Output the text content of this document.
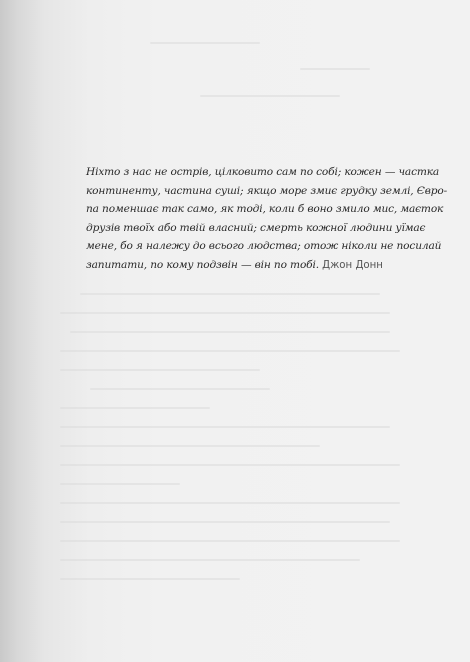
Ніхто з нас не острів, цілковито сам по собі; кожен — частка
континенту, частина суші; якщо море змиє грудку землі, Євро-
па поменшає так само, як тоді, коли б воно змило мис, маєток
друзів твоїх або твій власний; смерть кожної людини уїмає
мене, бо я належу до всього людства; отож ніколи не посилай
запитати, по кому подзвін — він по тобі. Джон Донн
